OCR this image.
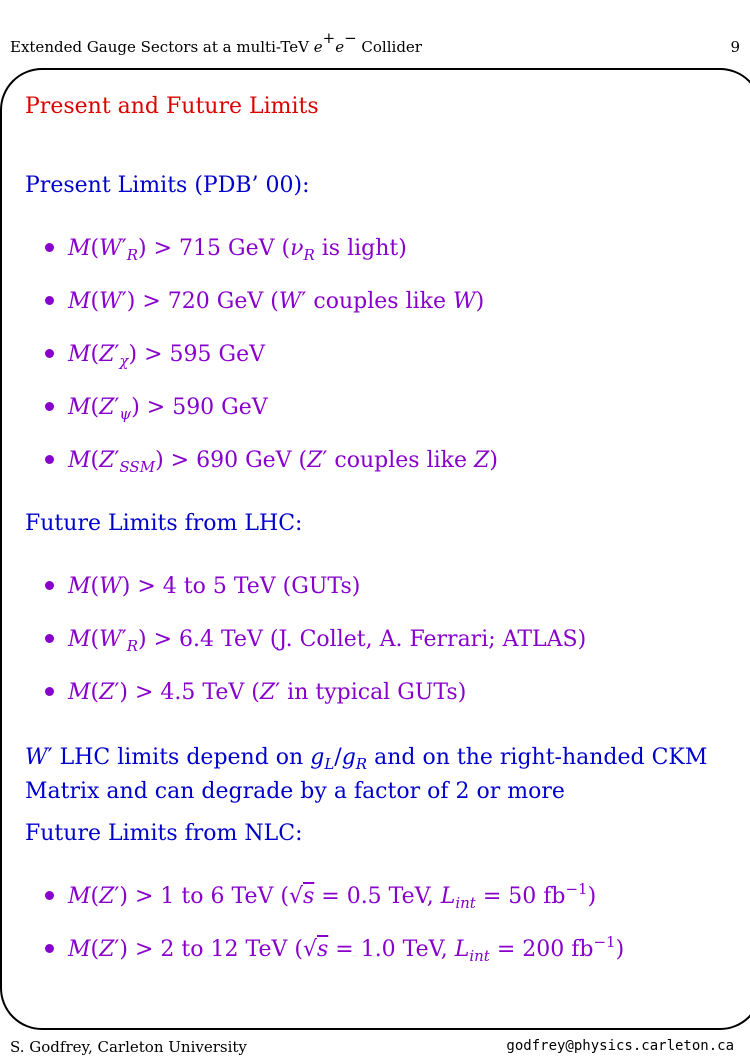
Extended Gauge Sectors at a multi-TeV e+e− Collider	9
Present and Future Limits
Present Limits (PDB’ 00):
$M(W'_R) > 715$ GeV ($\nu_R$ is light)
M(W′) > 720 GeV (W′ couples like W)
$M(Z'_\chi) > 595$ GeV
$M(Z'_\psi) > 590$ GeV
$M(Z'_{SSM}) > 690$ GeV (Z′ couples like Z)
Future Limits from LHC:
M(W) > 4 to 5 TeV (GUTs)
$M(W'_R) > 6.4$ TeV (J. Collet, A. Ferrari; ATLAS)
M(Z′) > 4.5 TeV (Z′ in typical GUTs)
W′ LHC limits depend on $g_L/g_R$ and on the right-handed CKM Matrix and can degrade by a factor of 2 or more
Future Limits from NLC:
M(Z′) > 1 to 6 TeV (√s = 0.5 TeV, $L_{int} = 50$ $fb^{-1}$)
M(Z′) > 2 to 12 TeV (√s = 1.0 TeV, $L_{int} = 200$ $fb^{-1}$)
S. Godfrey, Carleton University	godfrey@physics.carleton.ca
